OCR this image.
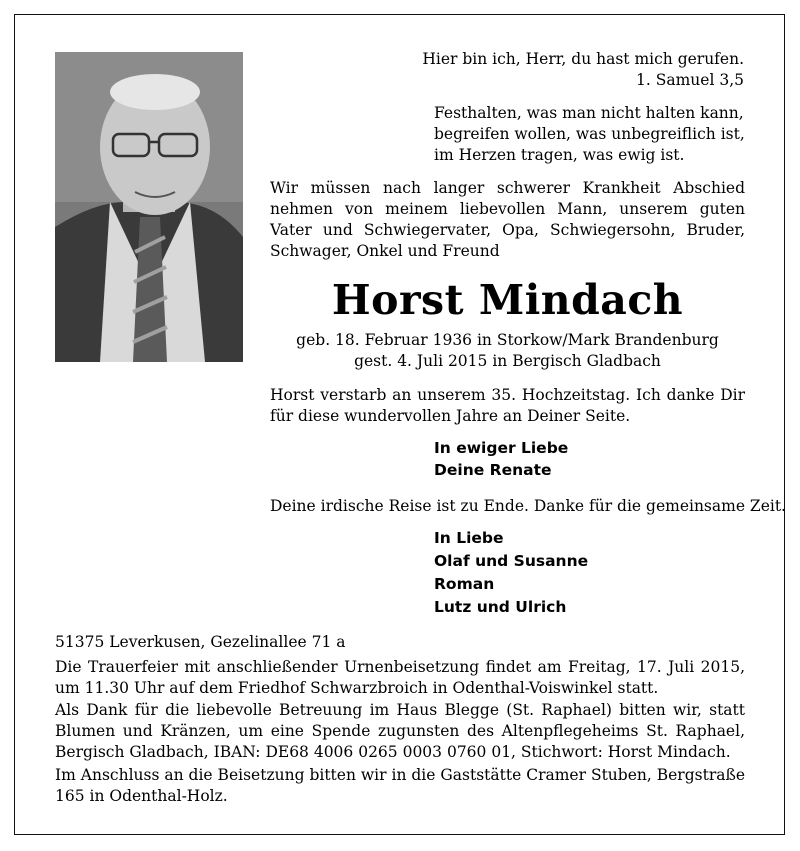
Hier bin ich, Herr, du hast mich gerufen.

1. Samuel 3,5

Festhalten, was man nicht halten kann,
begreifen wollen, was unbegreiflich ist,
im Herzen tragen, was ewig ist.

Wir müssen nach langer schwerer Krankheit Abschied nehmen von meinem liebevollen Mann, unserem guten Vater und Schwiegervater, Opa, Schwiegersohn, Bruder, Schwager, Onkel und Freund

Horst Mindach

geb. 18. Februar 1936 in Storkow/Mark Brandenburg

gest. 4. Juli 2015 in Bergisch Gladbach

Horst verstarb an unserem 35. Hochzeitstag. Ich danke Dir für diese wundervollen Jahre an Deiner Seite.

In ewiger Liebe
Deine Renate

Deine irdische Reise ist zu Ende. Danke für die gemeinsame Zeit.

In Liebe
Olaf und Susanne
Roman
Lutz und Ulrich

51375 Leverkusen, Gezelinallee 71 a

Die Trauerfeier mit anschließender Urnenbeisetzung findet am Freitag, 17. Juli 2015, um 11.30 Uhr auf dem Friedhof Schwarzbroich in Odenthal-Voiswinkel statt.

Als Dank für die liebevolle Betreuung im Haus Blegge (St. Raphael) bitten wir, statt Blumen und Kränzen, um eine Spende zugunsten des Altenpflegeheims St. Raphael, Bergisch Gladbach, IBAN: DE68 4006 0265 0003 0760 01, Stichwort: Horst Mindach.

Im Anschluss an die Beisetzung bitten wir in die Gaststätte Cramer Stuben, Bergstraße 165 in Odenthal-Holz.
